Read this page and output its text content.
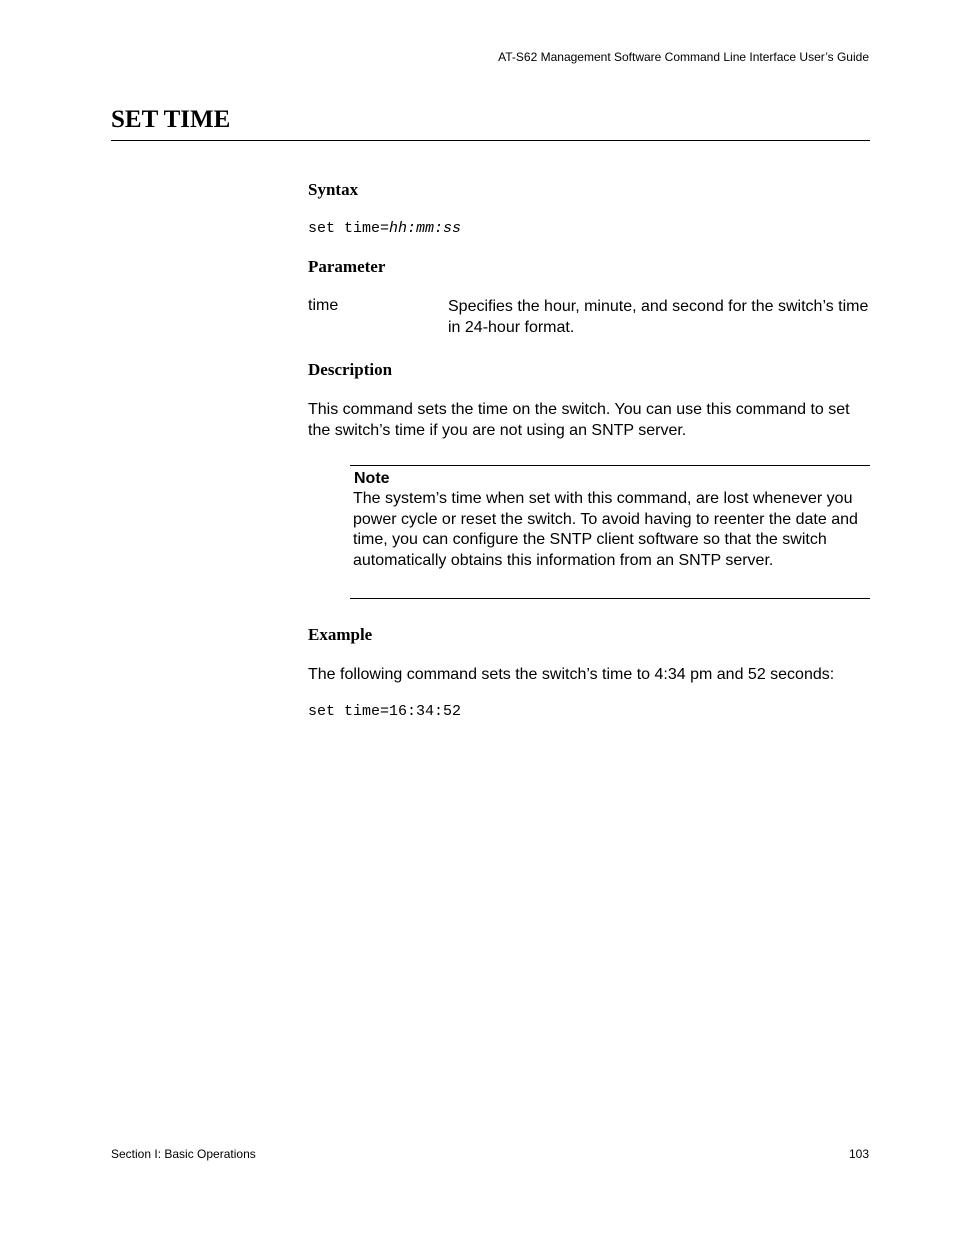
AT-S62 Management Software Command Line Interface User’s Guide
SET TIME
Syntax
set time=hh:mm:ss
Parameter
time	Specifies the hour, minute, and second for the switch’s time in 24-hour format.
Description
This command sets the time on the switch. You can use this command to set the switch’s time if you are not using an SNTP server.
Note
The system’s time when set with this command, are lost whenever you power cycle or reset the switch. To avoid having to reenter the date and time, you can configure the SNTP client software so that the switch automatically obtains this information from an SNTP server.
Example
The following command sets the switch’s time to 4:34 pm and 52 seconds:
set time=16:34:52
Section I: Basic Operations	103
